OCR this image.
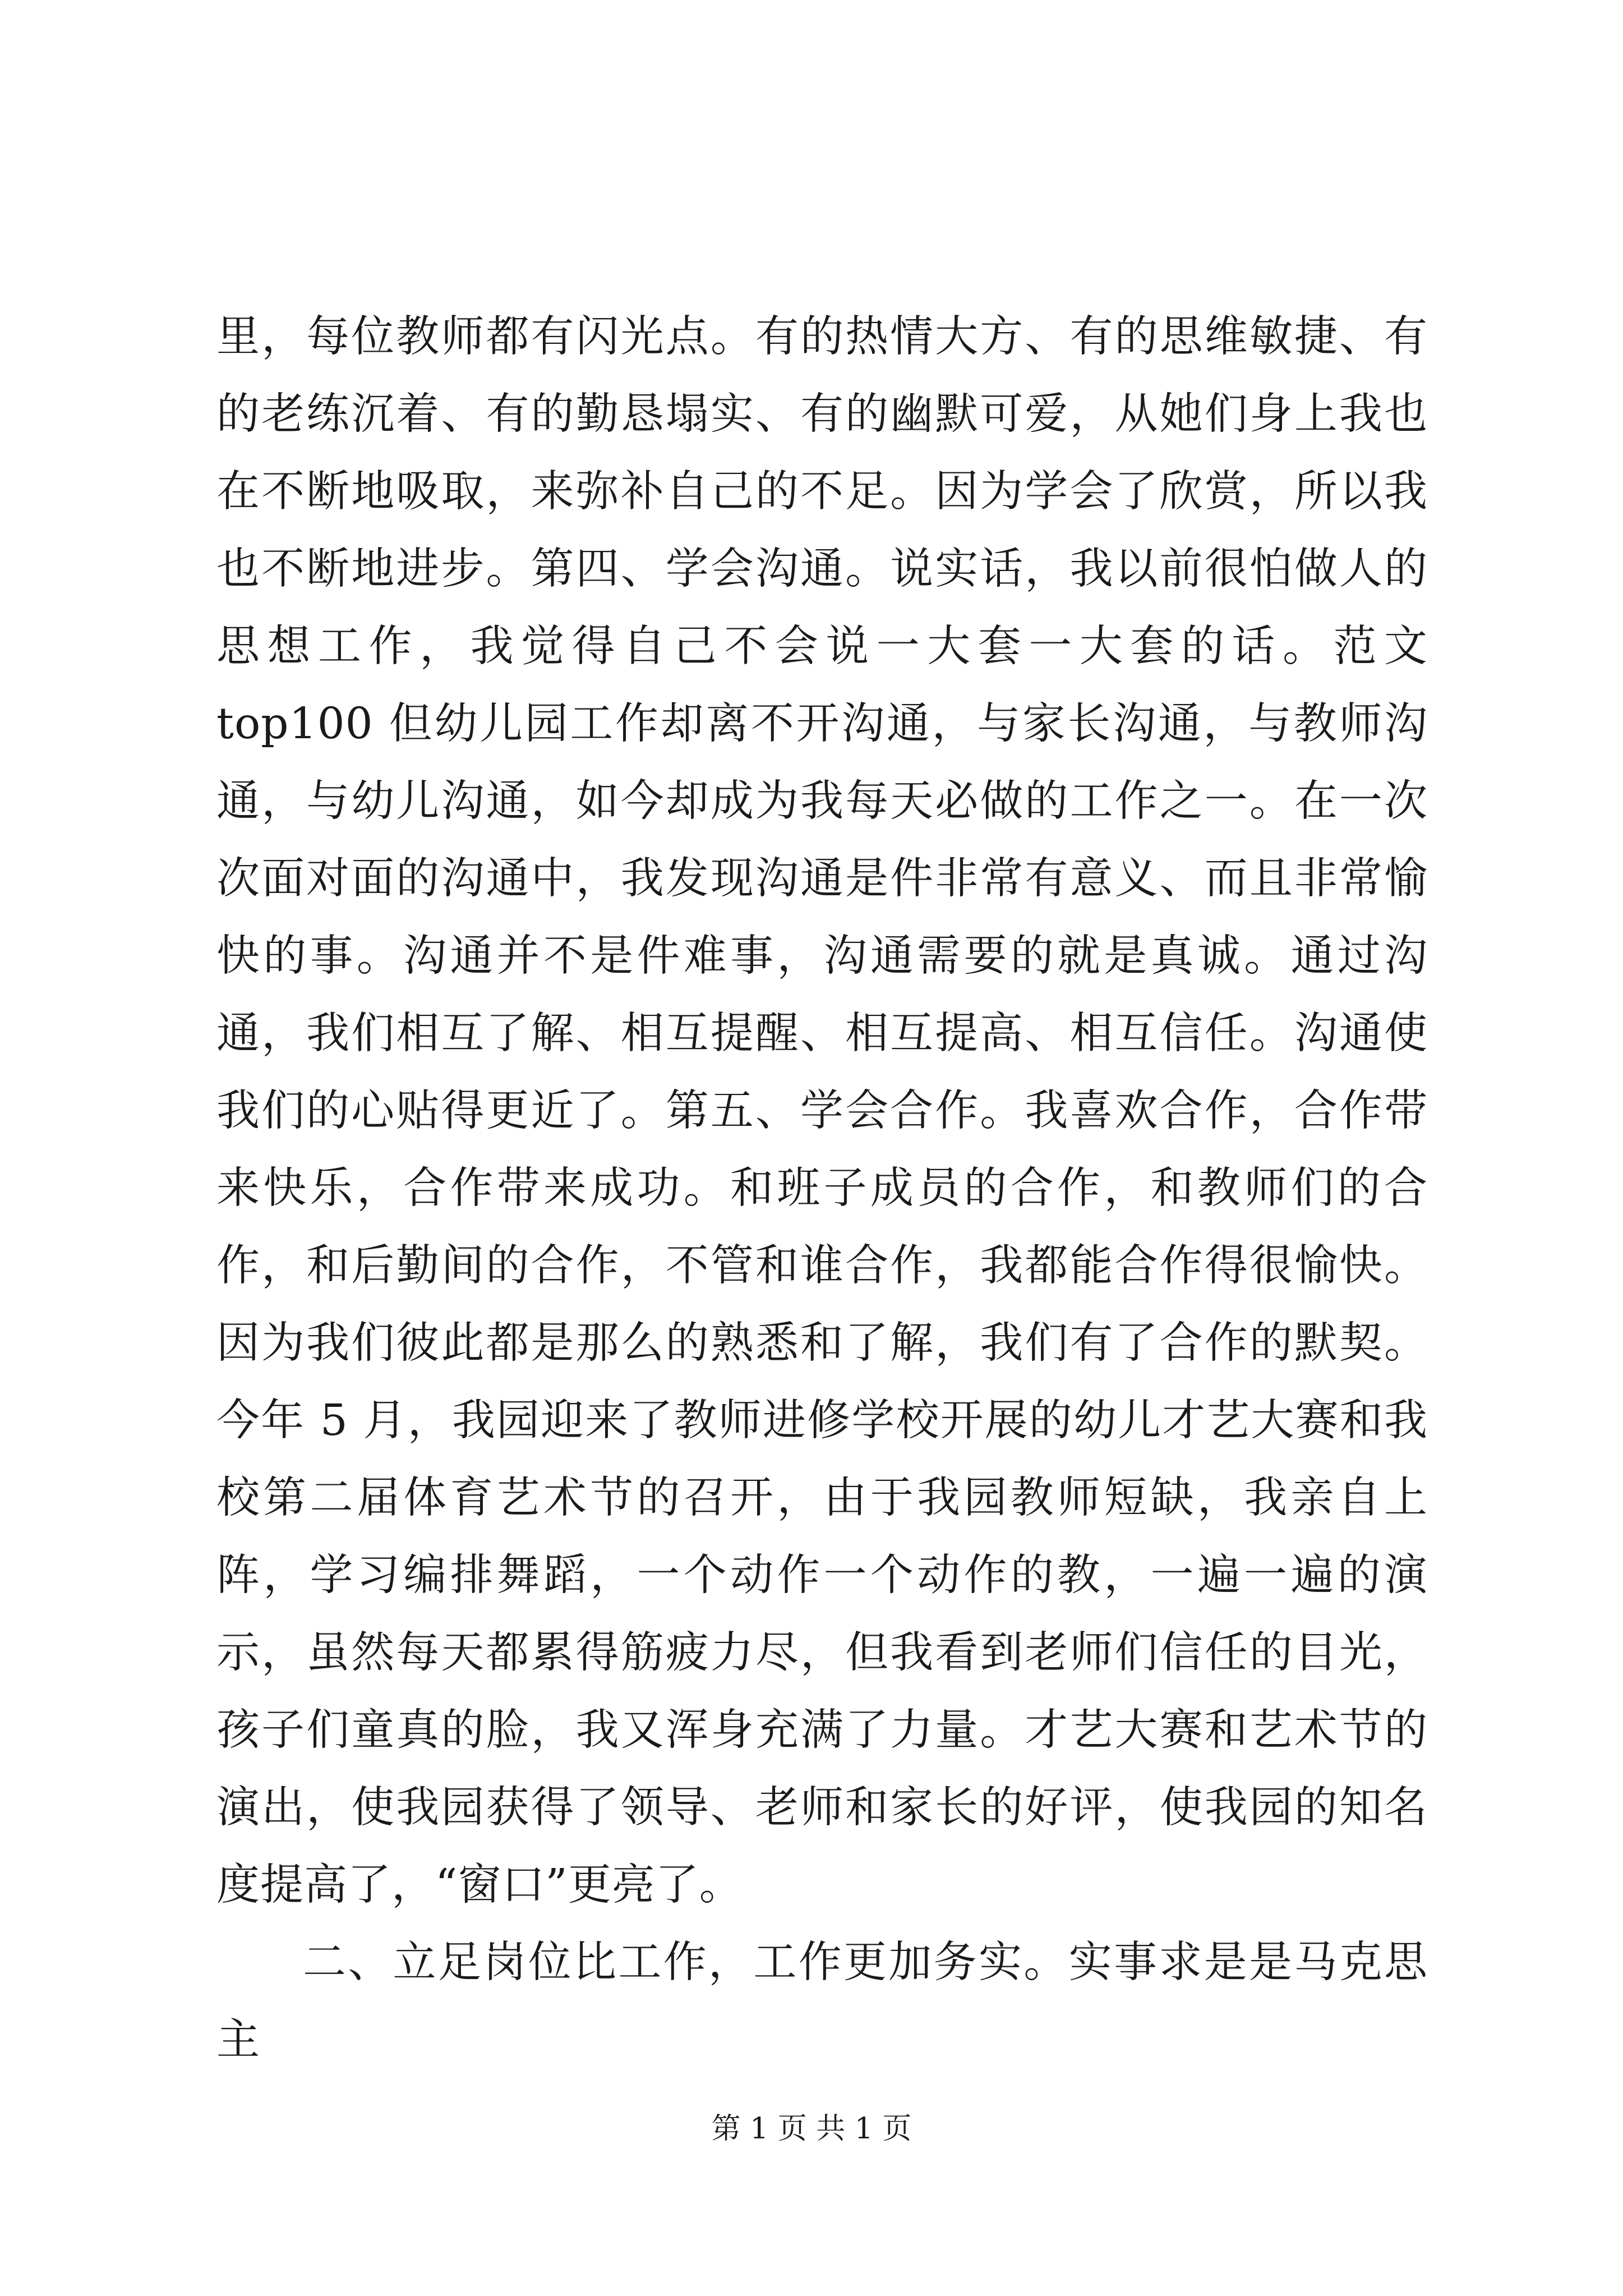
里，每位教师都有闪光点。有的热情大方、有的思维敏捷、有的老练沉着、有的勤恳塌实、有的幽默可爱，从她们身上我也在不断地吸取，来弥补自己的不足。因为学会了欣赏，所以我也不断地进步。第四、学会沟通。说实话，我以前很怕做人的思想工作，我觉得自己不会说一大套一大套的话。范文 top100 但幼儿园工作却离不开沟通，与家长沟通，与教师沟通，与幼儿沟通，如今却成为我每天必做的工作之一。在一次次面对面的沟通中，我发现沟通是件非常有意义、而且非常愉快的事。沟通并不是件难事，沟通需要的就是真诚。通过沟通，我们相互了解、相互提醒、相互提高、相互信任。沟通使我们的心贴得更近了。第五、学会合作。我喜欢合作，合作带来快乐，合作带来成功。和班子成员的合作，和教师们的合作，和后勤间的合作，不管和谁合作，我都能合作得很愉快。因为我们彼此都是那么的熟悉和了解，我们有了合作的默契。今年 5 月，我园迎来了教师进修学校开展的幼儿才艺大赛和我校第二届体育艺术节的召开，由于我园教师短缺，我亲自上阵，学习编排舞蹈，一个动作一个动作的教，一遍一遍的演示，虽然每天都累得筋疲力尽，但我看到老师们信任的目光，孩子们童真的脸，我又浑身充满了力量。才艺大赛和艺术节的演出，使我园获得了领导、老师和家长的好评，使我园的知名度提高了，“窗口”更亮了。

二、立足岗位比工作，工作更加务实。实事求是是马克思主

第 1 页 共 1 页
